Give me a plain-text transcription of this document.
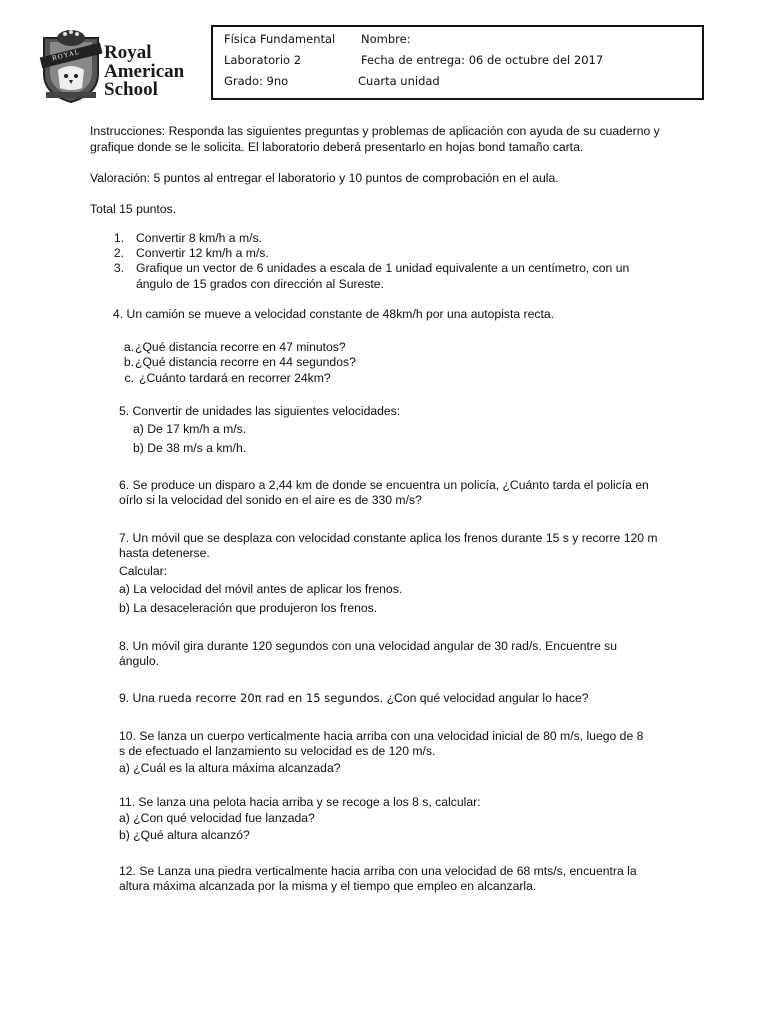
ROYAL Royal
American
School
Física Fundamental Nombre:
Laboratorio 2	Fecha de entrega: 06 de octubre del 2017
Grado: 9no	Cuarta unidad
Instrucciones: Responda las siguientes preguntas y problemas de aplicación con ayuda de su cuaderno y
grafique donde se le solicita. El laboratorio deberá presentarlo en hojas bond tamaño carta.
Valoración: 5 puntos al entregar el laboratorio y 10 puntos de comprobación en el aula.
Total 15 puntos.
1. Convertir 8 km/h a m/s.
2. Convertir 12 km/h a m/s.
3. Grafique un vector de 6 unidades a escala de 1 unidad equivalente a un centímetro, con un
ángulo de 15 grados con dirección al Sureste.
4. Un camión se mueve a velocidad constante de 48km/h por una autopista recta.
a. ¿Qué distancia recorre en 47 minutos?
b. ¿Qué distancia recorre en 44 segundos?
c. ¿Cuánto tardará en recorrer 24km?
5. Convertir de unidades las siguientes velocidades:
a) De 17 km/h a m/s.
b) De 38 m/s a km/h.
6. Se produce un disparo a 2,44 km de donde se encuentra un policía, ¿Cuánto tarda el policía en
oírlo si la velocidad del sonido en el aire es de 330 m/s?
7. Un móvil que se desplaza con velocidad constante aplica los frenos durante 15 s y recorre 120 m
hasta detenerse.
Calcular:
a) La velocidad del móvil antes de aplicar los frenos.
b) La desaceleración que produjeron los frenos.
8. Un móvil gira durante 120 segundos con una velocidad angular de 30 rad/s. Encuentre su
ángulo.
9. Una rueda recorre 20π rad en 15 segundos. ¿Con qué velocidad angular lo hace?
10. Se lanza un cuerpo verticalmente hacia arriba con una velocidad inicial de 80 m/s, luego de 8
s de efectuado el lanzamiento su velocidad es de 120 m/s.
a) ¿Cuál es la altura máxima alcanzada?
11. Se lanza una pelota hacia arriba y se recoge a los 8 s, calcular:
a) ¿Con qué velocidad fue lanzada?
b) ¿Qué altura alcanzó?
12. Se Lanza una piedra verticalmente hacia arriba con una velocidad de 68 mts/s, encuentra la
altura máxima alcanzada por la misma y el tiempo que empleo en alcanzarla.
